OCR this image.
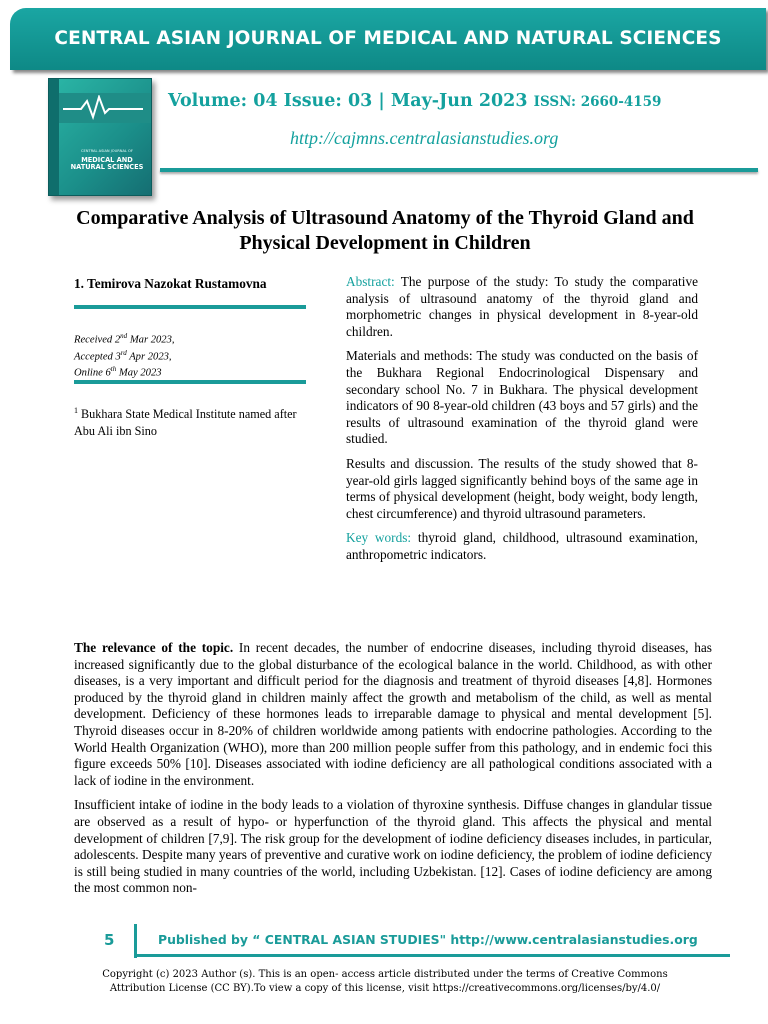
CENTRAL ASIAN JOURNAL OF MEDICAL AND NATURAL SCIENCES
CENTRAL ASIAN JOURNAL OF
MEDICAL AND NATURAL SCIENCES
Volume: 04 Issue: 03 | May-Jun 2023 ISSN: 2660-4159
http://cajmns.centralasianstudies.org
Comparative Analysis of Ultrasound Anatomy of the Thyroid Gland and Physical Development in Children
1. Temirova Nazokat Rustamovna
Received 2nd Mar 2023,
Accepted 3rd Apr 2023,
Online 6th May 2023
$^1$ Bukhara State Medical Institute named after Abu Ali ibn Sino

Abstract: The purpose of the study: To study the comparative analysis of ultrasound anatomy of the thyroid gland and morphometric changes in physical development in 8-year-old children.

Materials and methods: The study was conducted on the basis of the Bukhara Regional Endocrinological Dispensary and secondary school No. 7 in Bukhara. The physical development indicators of 90 8-year-old children (43 boys and 57 girls) and the results of ultrasound examination of the thyroid gland were studied.

Results and discussion. The results of the study showed that 8-year-old girls lagged significantly behind boys of the same age in terms of physical development (height, body weight, body length, chest circumference) and thyroid ultrasound parameters.

Key words: thyroid gland, childhood, ultrasound examination, anthropometric indicators.

The relevance of the topic. In recent decades, the number of endocrine diseases, including thyroid diseases, has increased significantly due to the global disturbance of the ecological balance in the world. Childhood, as with other diseases, is a very important and difficult period for the diagnosis and treatment of thyroid diseases [4,8]. Hormones produced by the thyroid gland in children mainly affect the growth and metabolism of the child, as well as mental development. Deficiency of these hormones leads to irreparable damage to physical and mental development [5]. Thyroid diseases occur in 8-20% of children worldwide among patients with endocrine pathologies. According to the World Health Organization (WHO), more than 200 million people suffer from this pathology, and in endemic foci this figure exceeds 50% [10]. Diseases associated with iodine deficiency are all pathological conditions associated with a lack of iodine in the environment.

Insufficient intake of iodine in the body leads to a violation of thyroxine synthesis. Diffuse changes in glandular tissue are observed as a result of hypo- or hyperfunction of the thyroid gland. This affects the physical and mental development of children [7,9]. The risk group for the development of iodine deficiency diseases includes, in particular, adolescents. Despite many years of preventive and curative work on iodine deficiency, the problem of iodine deficiency is still being studied in many countries of the world, including Uzbekistan. [12]. Cases of iodine deficiency are among the most common non-

5	Published by “ CENTRAL ASIAN STUDIES" http://www.centralasianstudies.org
Copyright (c) 2023 Author (s). This is an open- access article distributed under the terms of Creative Commons
Attribution License (CC BY).To view a copy of this license, visit https://creativecommons.org/licenses/by/4.0/
